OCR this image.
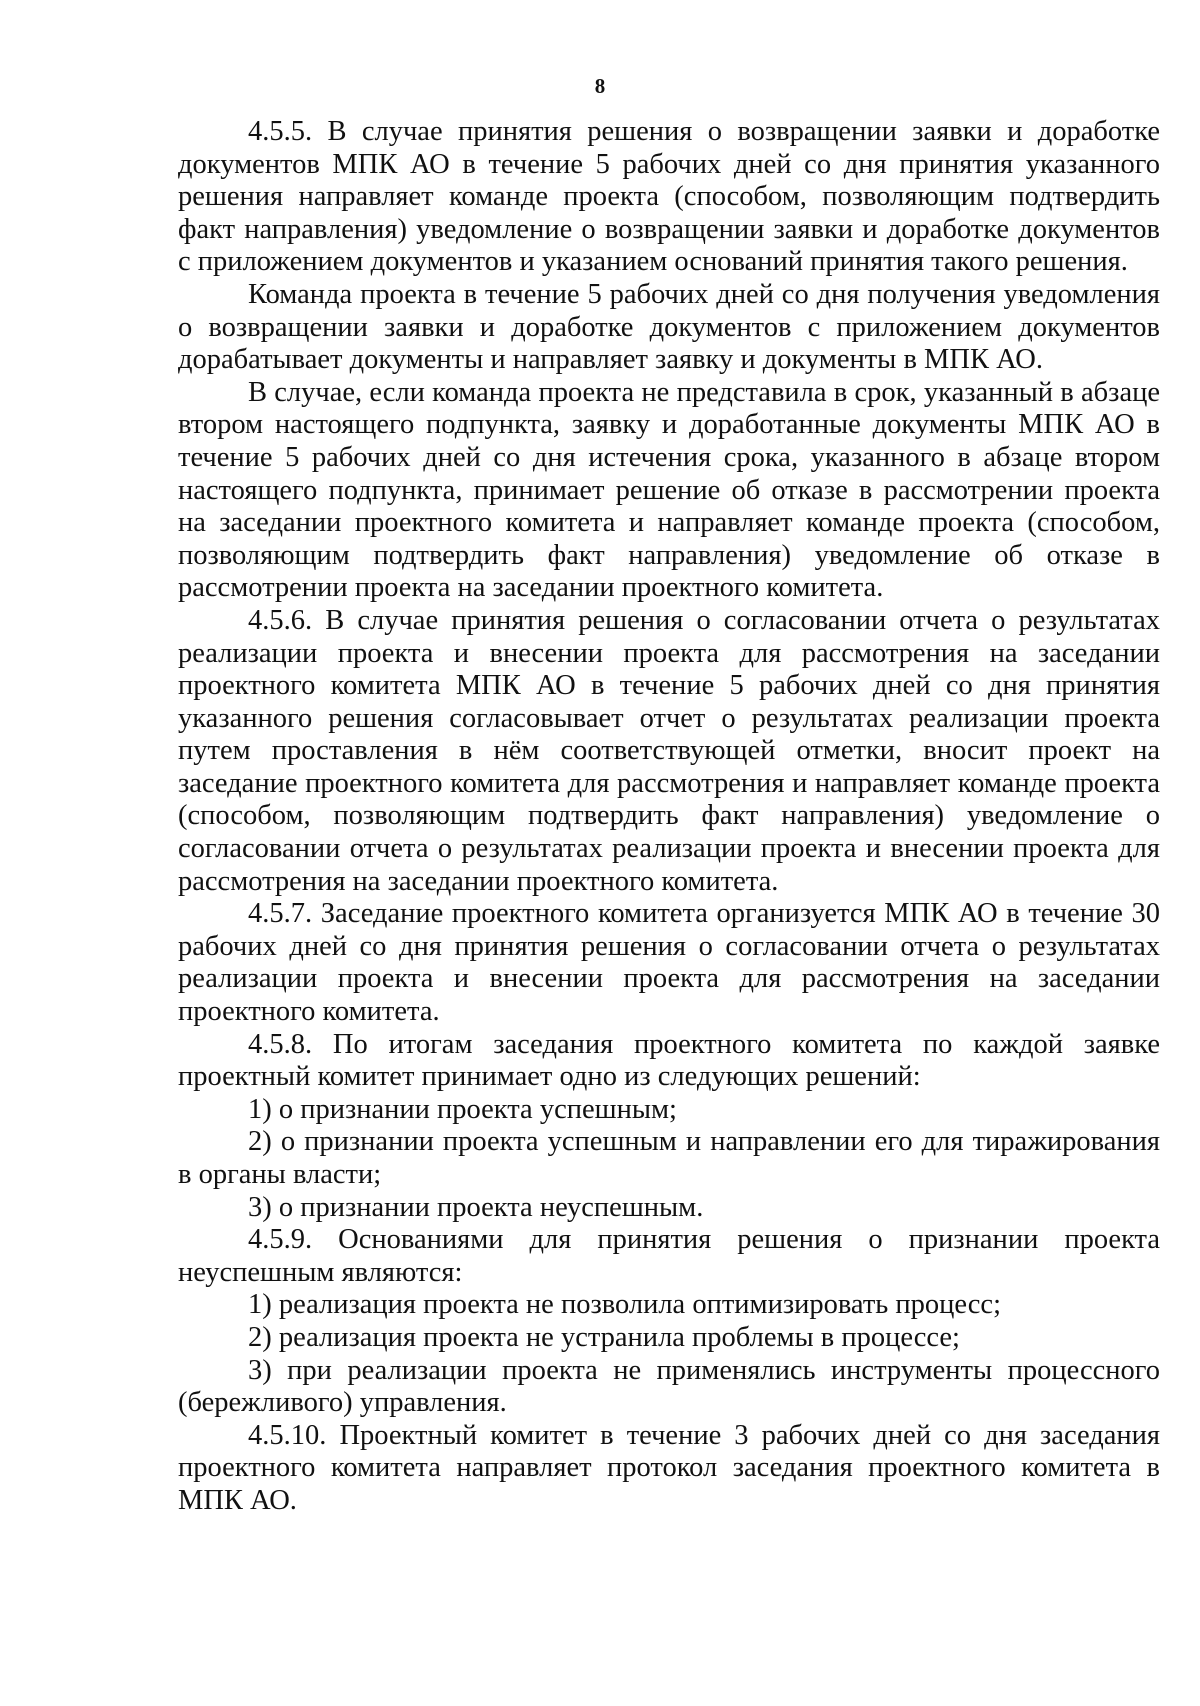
8

4.5.5. В случае принятия решения о возвращении заявки и доработке документов МПК АО в течение 5 рабочих дней со дня принятия указанного решения направляет команде проекта (способом, позволяющим подтвердить факт направления) уведомление о возвращении заявки и доработке документов с приложением документов и указанием оснований принятия такого решения.

Команда проекта в течение 5 рабочих дней со дня получения уведомления о возвращении заявки и доработке документов с приложением документов дорабатывает документы и направляет заявку и документы в МПК АО.

В случае, если команда проекта не представила в срок, указанный в абзаце втором настоящего подпункта, заявку и доработанные документы МПК АО в течение 5 рабочих дней со дня истечения срока, указанного в абзаце втором настоящего подпункта, принимает решение об отказе в рассмотрении проекта на заседании проектного комитета и направляет команде проекта (способом, позволяющим подтвердить факт направления) уведомление об отказе в рассмотрении проекта на заседании проектного комитета.

4.5.6. В случае принятия решения о согласовании отчета о результатах реализации проекта и внесении проекта для рассмотрения на заседании проектного комитета МПК АО в течение 5 рабочих дней со дня принятия указанного решения согласовывает отчет о результатах реализации проекта путем проставления в нём соответствующей отметки, вносит проект на заседание проектного комитета для рассмотрения и направляет команде проекта (способом, позволяющим подтвердить факт направления) уведомление о согласовании отчета о результатах реализации проекта и внесении проекта для рассмотрения на заседании проектного комитета.

4.5.7. Заседание проектного комитета организуется МПК АО в течение 30 рабочих дней со дня принятия решения о согласовании отчета о результатах реализации проекта и внесении проекта для рассмотрения на заседании проектного комитета.

4.5.8. По итогам заседания проектного комитета по каждой заявке проектный комитет принимает одно из следующих решений:

1) о признании проекта успешным;

2) о признании проекта успешным и направлении его для тиражирования в органы власти;

3) о признании проекта неуспешным.

4.5.9. Основаниями для принятия решения о признании проекта неуспешным являются:

1) реализация проекта не позволила оптимизировать процесс;

2) реализация проекта не устранила проблемы в процессе;

3) при реализации проекта не применялись инструменты процессного (бережливого) управления.

4.5.10. Проектный комитет в течение 3 рабочих дней со дня заседания проектного комитета направляет протокол заседания проектного комитета в МПК АО.
